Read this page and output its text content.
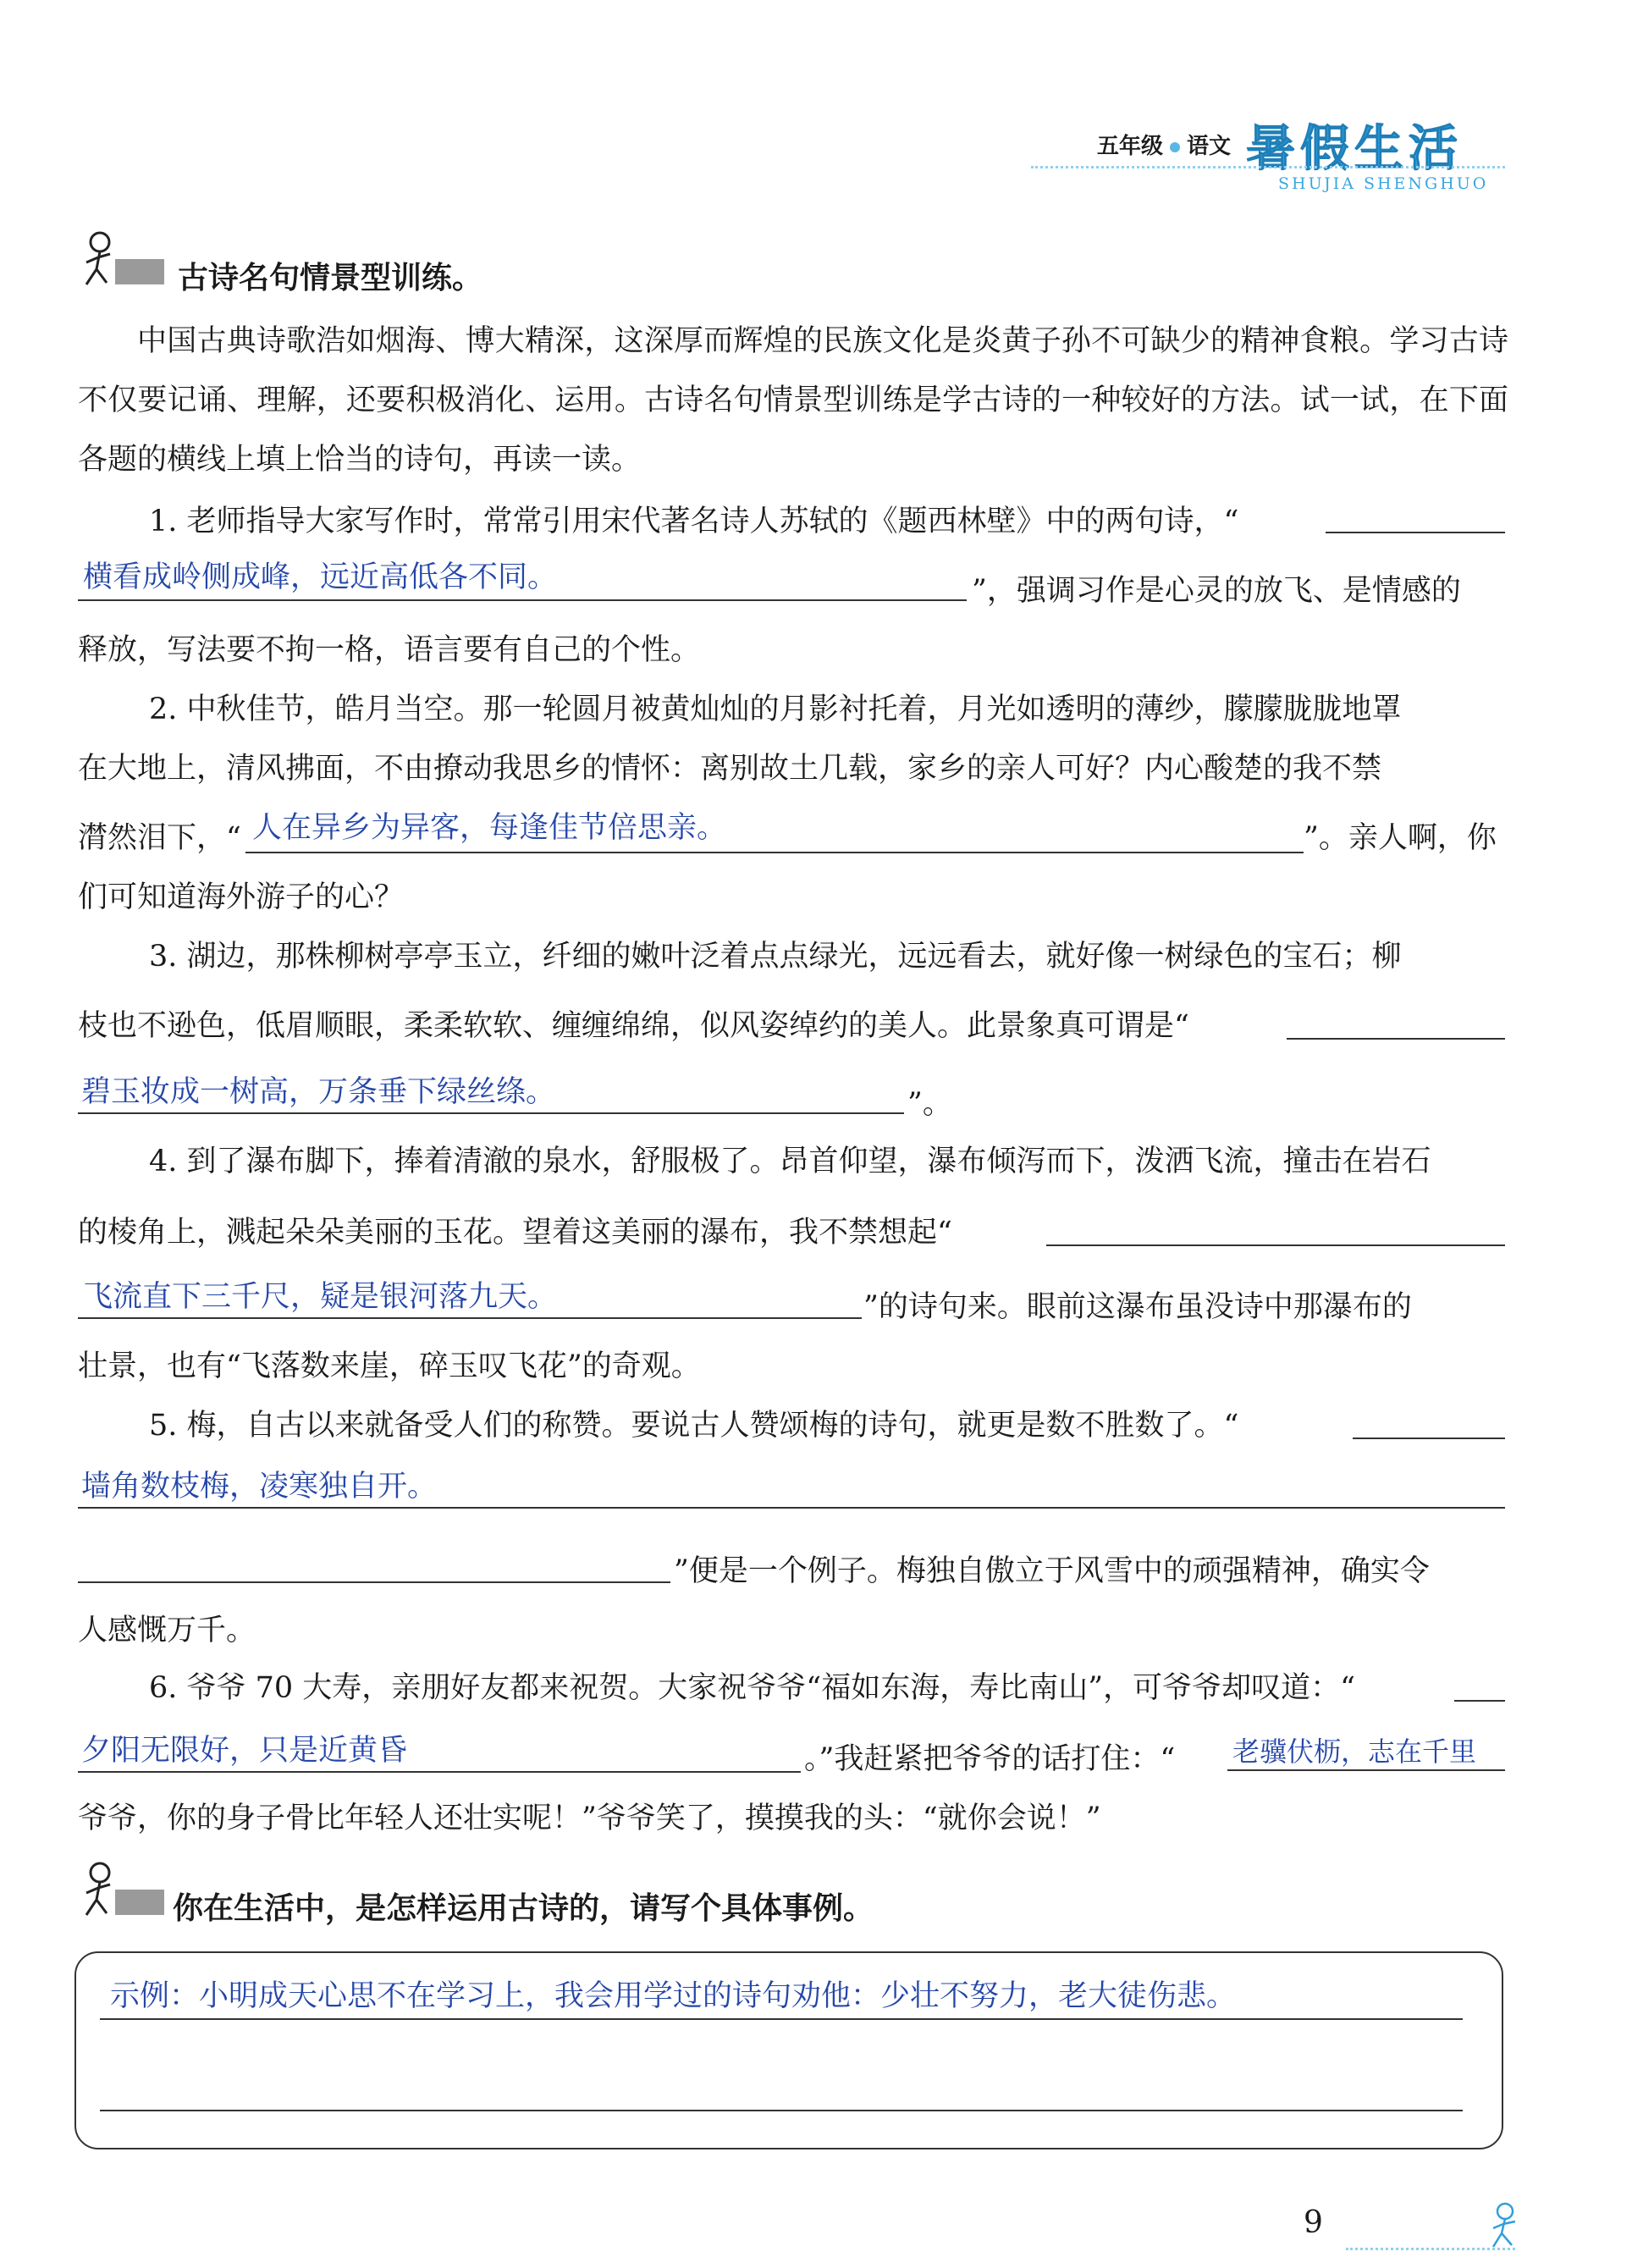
五年级 语文 暑假生活
SHUJIA SHENGHUO
古诗名句情景型训练。

中国古典诗歌浩如烟海、博大精深，这深厚而辉煌的民族文化是炎黄子孙不可缺少的精神食粮。学习古诗不仅要记诵、理解，还要积极消化、运用。古诗名句情景型训练是学古诗的一种较好的方法。试一试，在下面各题的横线上填上恰当的诗句，再读一读。

1. 老师指导大家写作时，常常引用宋代著名诗人苏轼的《题西林壁》中的两句诗，“
横看成岭侧成峰，远近高低各不同。	”，强调习作是心灵的放飞、是情感的
释放，写法要不拘一格，语言要有自己的个性。
2. 中秋佳节，皓月当空。那一轮圆月被黄灿灿的月影衬托着，月光如透明的薄纱，朦朦胧胧地罩
在大地上，清风拂面，不由撩动我思乡的情怀：离别故土几载，家乡的亲人可好？内心酸楚的我不禁
潸然泪下，“ 人在异乡为异客，每逢佳节倍思亲。	”。亲人啊，你
们可知道海外游子的心？
3. 湖边，那株柳树亭亭玉立，纤细的嫩叶泛着点点绿光，远远看去，就好像一树绿色的宝石；柳
枝也不逊色，低眉顺眼，柔柔软软、缠缠绵绵，似风姿绰约的美人。此景象真可谓是“
碧玉妆成一树高，万条垂下绿丝绦。	”。
4. 到了瀑布脚下，捧着清澈的泉水，舒服极了。昂首仰望，瀑布倾泻而下，泼洒飞流，撞击在岩石
的棱角上，溅起朵朵美丽的玉花。望着这美丽的瀑布，我不禁想起“
飞流直下三千尺，疑是银河落九天。	”的诗句来。眼前这瀑布虽没诗中那瀑布的
壮景，也有“飞落数来崖，碎玉叹飞花”的奇观。
5. 梅，自古以来就备受人们的称赞。要说古人赞颂梅的诗句，就更是数不胜数了。“
墙角数枝梅，凌寒独自开。
”便是一个例子。梅独自傲立于风雪中的顽强精神，确实令
人感慨万千。
6. 爷爷 70 大寿，亲朋好友都来祝贺。大家祝爷爷“福如东海，寿比南山”，可爷爷却叹道：“
夕阳无限好，只是近黄昏	。”我赶紧把爷爷的话打住：“ 老骥伏枥，志在千里
爷爷，你的身子骨比年轻人还壮实呢！”爷爷笑了，摸摸我的头：“就你会说！”
你在生活中，是怎样运用古诗的，请写个具体事例。
示例：小明成天心思不在学习上，我会用学过的诗句劝他：少壮不努力，老大徒伤悲。
9
